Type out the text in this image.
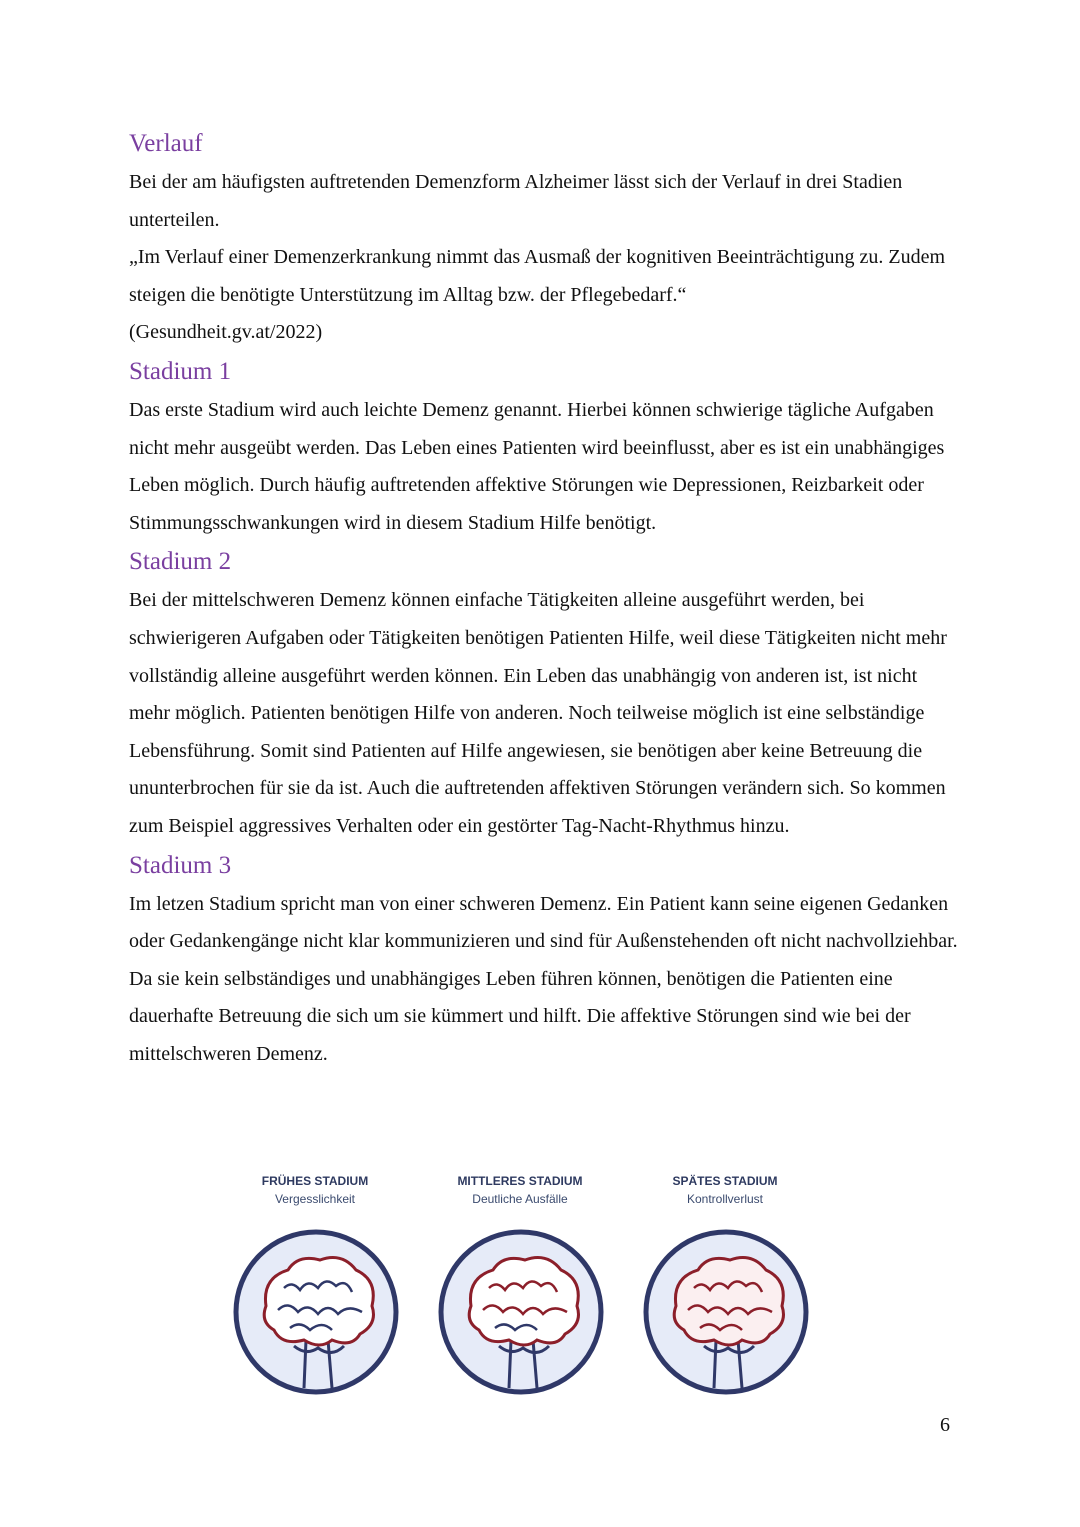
Verlauf

Bei der am häufigsten auftretenden Demenzform Alzheimer lässt sich der Verlauf in drei Stadien unterteilen.

„Im Verlauf einer Demenzerkrankung nimmt das Ausmaß der kognitiven Beeinträchtigung zu. Zudem steigen die benötigte Unterstützung im Alltag bzw. der Pflegebedarf.“

(Gesundheit.gv.at/2022)

Stadium 1

Das erste Stadium wird auch leichte Demenz genannt. Hierbei können schwierige tägliche Aufgaben nicht mehr ausgeübt werden. Das Leben eines Patienten wird beeinflusst, aber es ist ein unabhängiges Leben möglich. Durch häufig auftretenden affektive Störungen wie Depressionen, Reizbarkeit oder Stimmungsschwankungen wird in diesem Stadium Hilfe benötigt.

Stadium 2

Bei der mittelschweren Demenz können einfache Tätigkeiten alleine ausgeführt werden, bei schwierigeren Aufgaben oder Tätigkeiten benötigen Patienten Hilfe, weil diese Tätigkeiten nicht mehr vollständig alleine ausgeführt werden können. Ein Leben das unabhängig von anderen ist, ist nicht mehr möglich. Patienten benötigen Hilfe von anderen. Noch teilweise möglich ist eine selbständige Lebensführung. Somit sind Patienten auf Hilfe angewiesen, sie benötigen aber keine Betreuung die ununterbrochen für sie da ist. Auch die auftretenden affektiven Störungen verändern sich. So kommen zum Beispiel aggressives Verhalten oder ein gestörter Tag-Nacht-Rhythmus hinzu.

Stadium 3

Im letzen Stadium spricht man von einer schweren Demenz. Ein Patient kann seine eigenen Gedanken oder Gedankengänge nicht klar kommunizieren und sind für Außenstehenden oft nicht nachvollziehbar. Da sie kein selbständiges und unabhängiges Leben führen können, benötigen die Patienten eine dauerhafte Betreuung die sich um sie kümmert und hilft. Die affektive Störungen sind wie bei der mittelschweren Demenz.

FRÜHES STADIUM
Vergesslichkeit
MITTLERES STADIUM
Deutliche Ausfälle
SPÄTES STADIUM
Kontrollverlust
6
